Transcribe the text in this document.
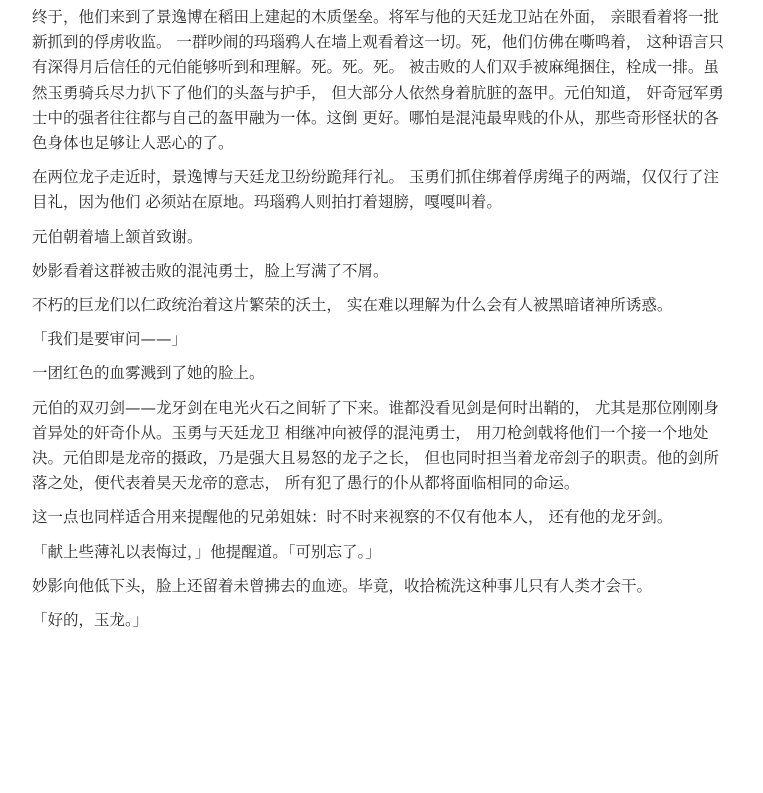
终于，他们来到了景逸博在稻田上建起的木质堡垒。将军与他的天廷龙卫站在外面， 亲眼看着将一批新抓到的俘虏收监。 一群吵闹的玛瑙鸦人在墙上观看着这一切。死，他们仿佛在嘶鸣着， 这种语言只有深得月后信任的元伯能够听到和理解。死。死。死。 被击败的人们双手被麻绳捆住，栓成一排。虽然玉勇骑兵尽力扒下了他们的头盔与护手， 但大部分人依然身着肮脏的盔甲。元伯知道， 奸奇冠军勇士中的强者往往都与自己的盔甲融为一体。这倒 更好。哪怕是混沌最卑贱的仆从，那些奇形怪状的各色身体也足够让人恶心的了。

在两位龙子走近时，景逸博与天廷龙卫纷纷跪拜行礼。 玉勇们抓住绑着俘虏绳子的两端，仅仅行了注目礼，因为他们 必须站在原地。玛瑙鸦人则拍打着翅膀，嘎嘎叫着。

元伯朝着墙上颔首致谢。

妙影看着这群被击败的混沌勇士，脸上写满了不屑。

不朽的巨龙们以仁政统治着这片繁荣的沃土， 实在难以理解为什么会有人被黑暗诸神所诱惑。

「我们是要审问——」

一团红色的血雾溅到了她的脸上。

元伯的双刃剑——龙牙剑在电光火石之间斩了下来。谁都没看见剑是何时出鞘的， 尤其是那位刚刚身首异处的奸奇仆从。玉勇与天廷龙卫 相继冲向被俘的混沌勇士， 用刀枪剑戟将他们一个接一个地处决。元伯即是龙帝的摄政，乃是强大且易怒的龙子之长， 但也同时担当着龙帝刽子的职责。他的剑所落之处，便代表着昊天龙帝的意志， 所有犯了愚行的仆从都将面临相同的命运。

这一点也同样适合用来提醒他的兄弟姐妹：时不时来视察的不仅有他本人， 还有他的龙牙剑。

「献上些薄礼以表悔过，」他提醒道。「可别忘了。」

妙影向他低下头，脸上还留着未曾拂去的血迹。毕竟，收拾梳洗这种事儿只有人类才会干。

「好的，玉龙。」
